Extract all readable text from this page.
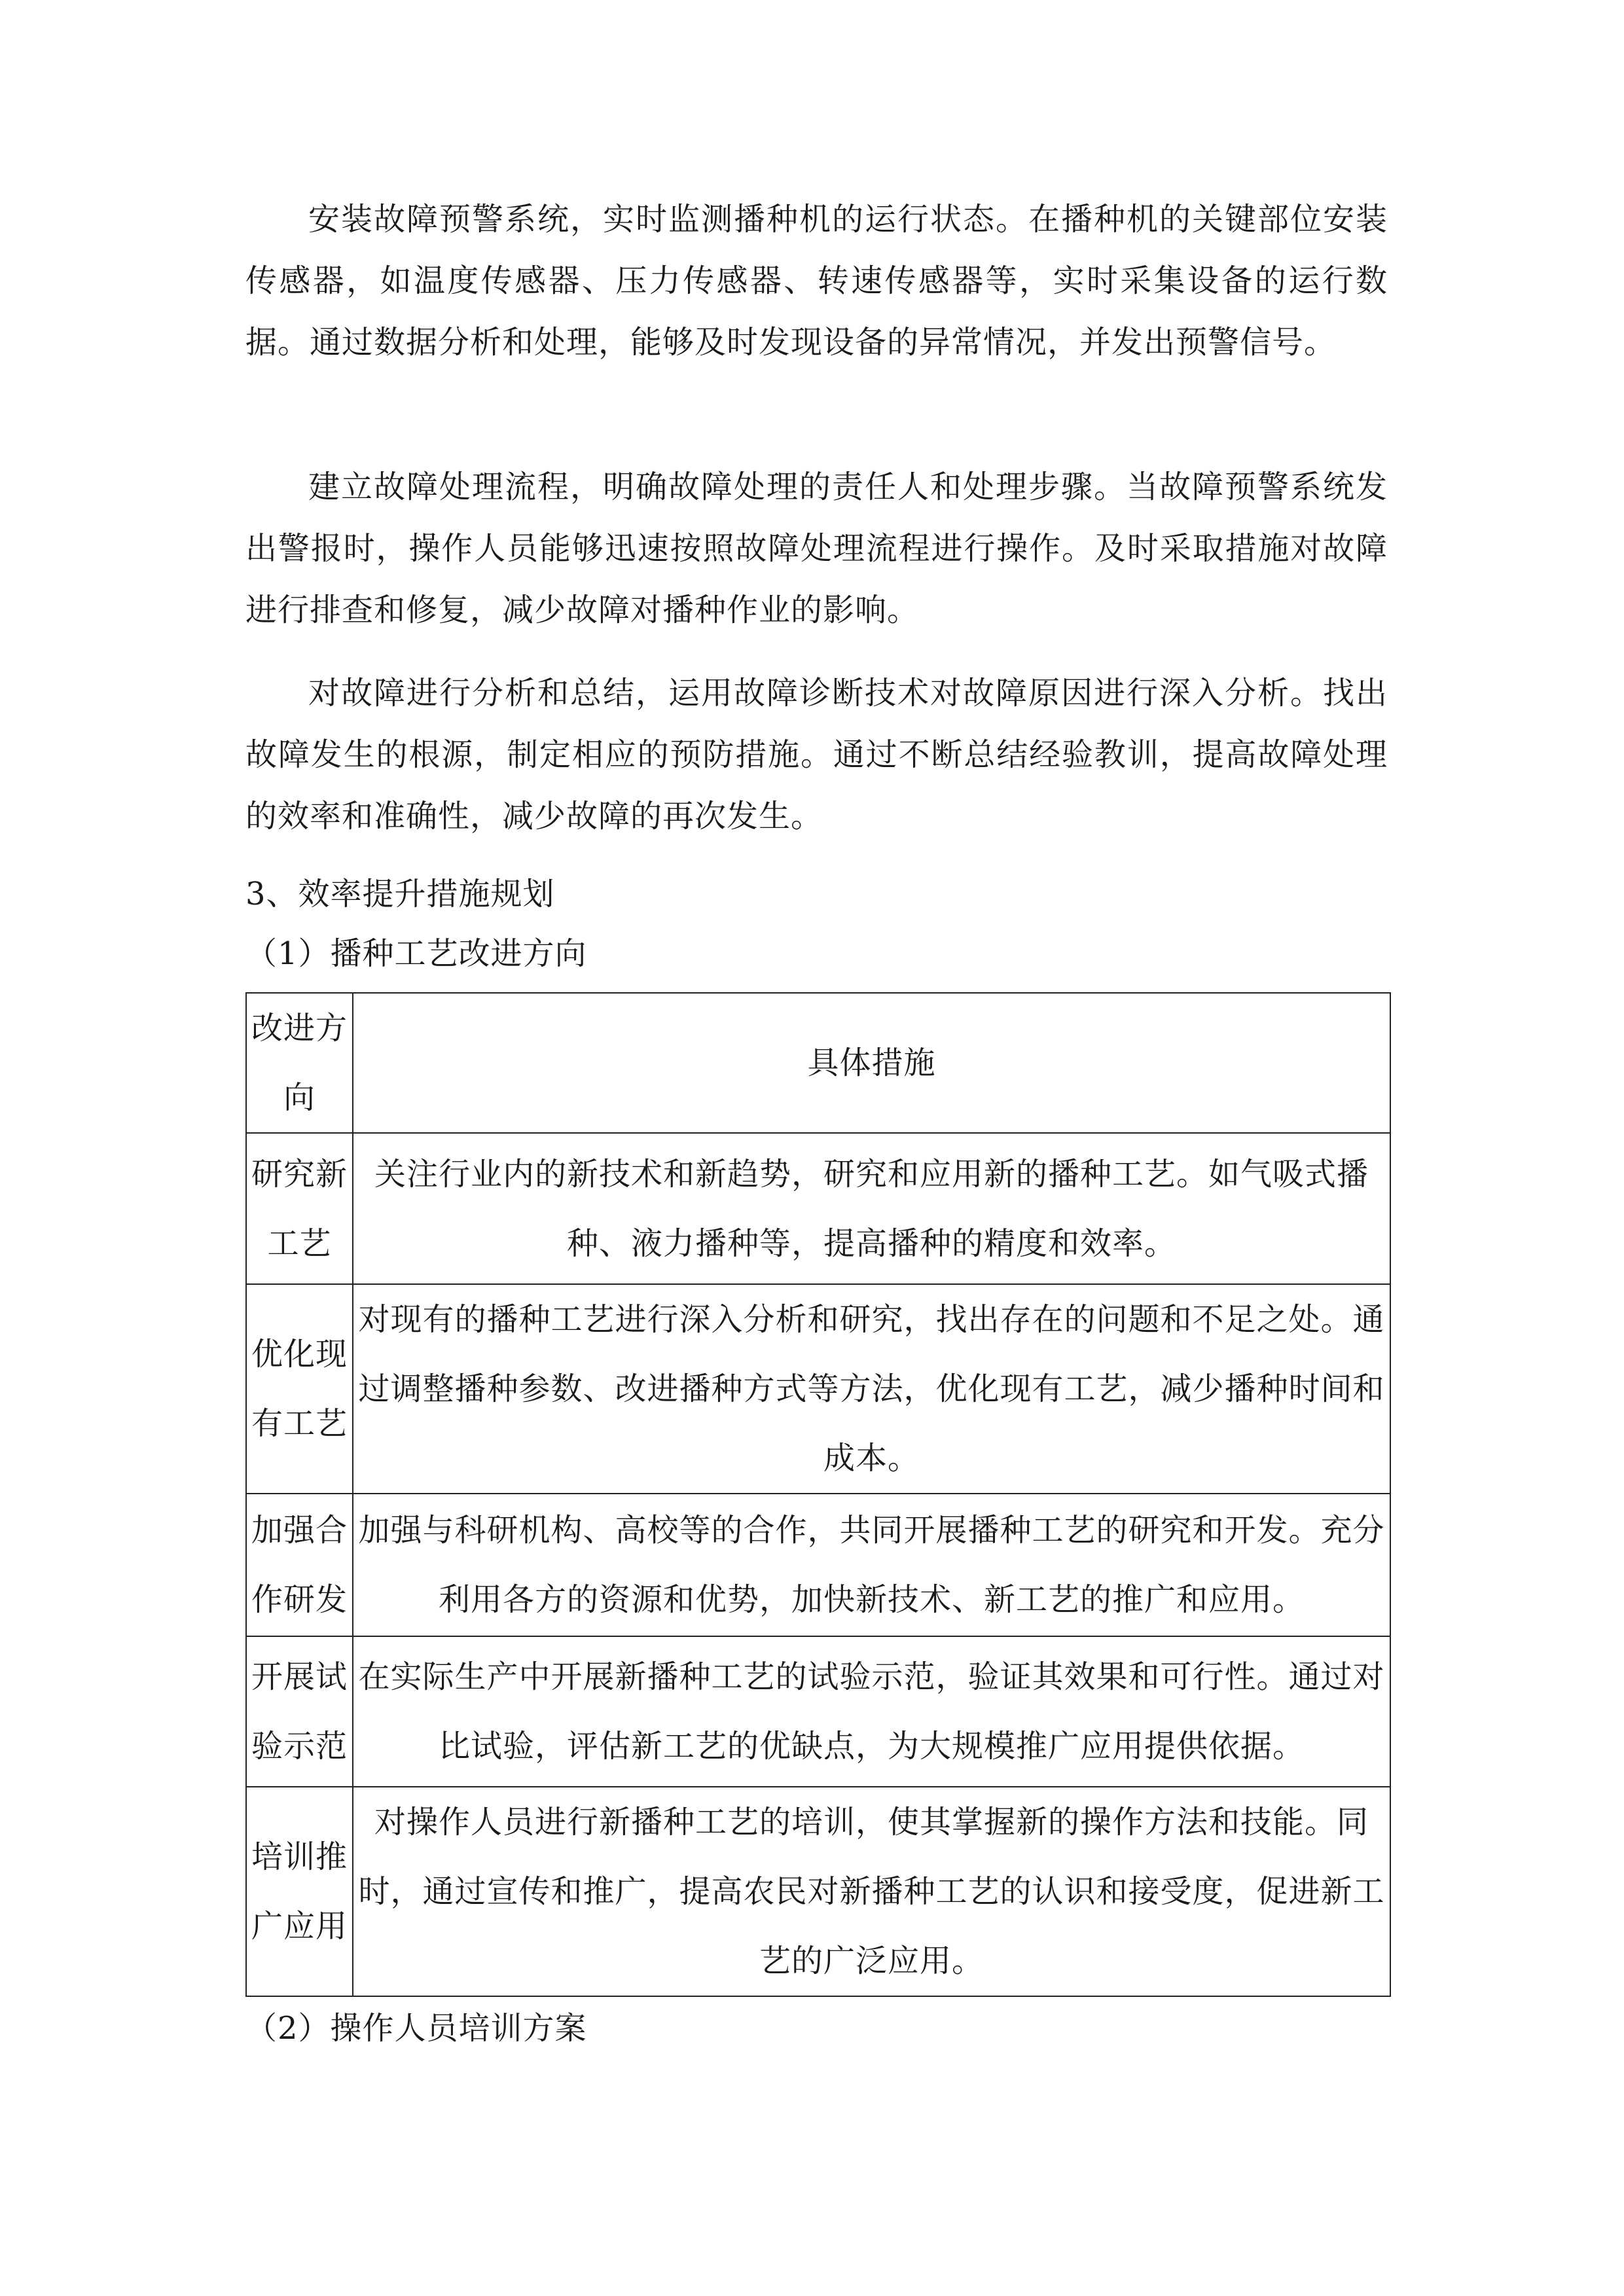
安装故障预警系统，实时监测播种机的运行状态。在播种机的关键部位安装传感器，如温度传感器、压力传感器、转速传感器等，实时采集设备的运行数据。通过数据分析和处理，能够及时发现设备的异常情况，并发出预警信号。

建立故障处理流程，明确故障处理的责任人和处理步骤。当故障预警系统发出警报时，操作人员能够迅速按照故障处理流程进行操作。及时采取措施对故障进行排查和修复，减少故障对播种作业的影响。

对故障进行分析和总结，运用故障诊断技术对故障原因进行深入分析。找出故障发生的根源，制定相应的预防措施。通过不断总结经验教训，提高故障处理的效率和准确性，减少故障的再次发生。

3、效率提升措施规划

（1）播种工艺改进方向

改进方向	具体措施
研究新工艺	关注行业内的新技术和新趋势，研究和应用新的播种工艺。如气吸式播种、液力播种等，提高播种的精度和效率。
优化现有工艺	对现有的播种工艺进行深入分析和研究，找出存在的问题和不足之处。通过调整播种参数、改进播种方式等方法，优化现有工艺，减少播种时间和成本。
加强合作研发	加强与科研机构、高校等的合作，共同开展播种工艺的研究和开发。充分利用各方的资源和优势，加快新技术、新工艺的推广和应用。
开展试验示范	在实际生产中开展新播种工艺的试验示范，验证其效果和可行性。通过对比试验，评估新工艺的优缺点，为大规模推广应用提供依据。
培训推广应用	对操作人员进行新播种工艺的培训，使其掌握新的操作方法和技能。同时，通过宣传和推广，提高农民对新播种工艺的认识和接受度，促进新工艺的广泛应用。

（2）操作人员培训方案
